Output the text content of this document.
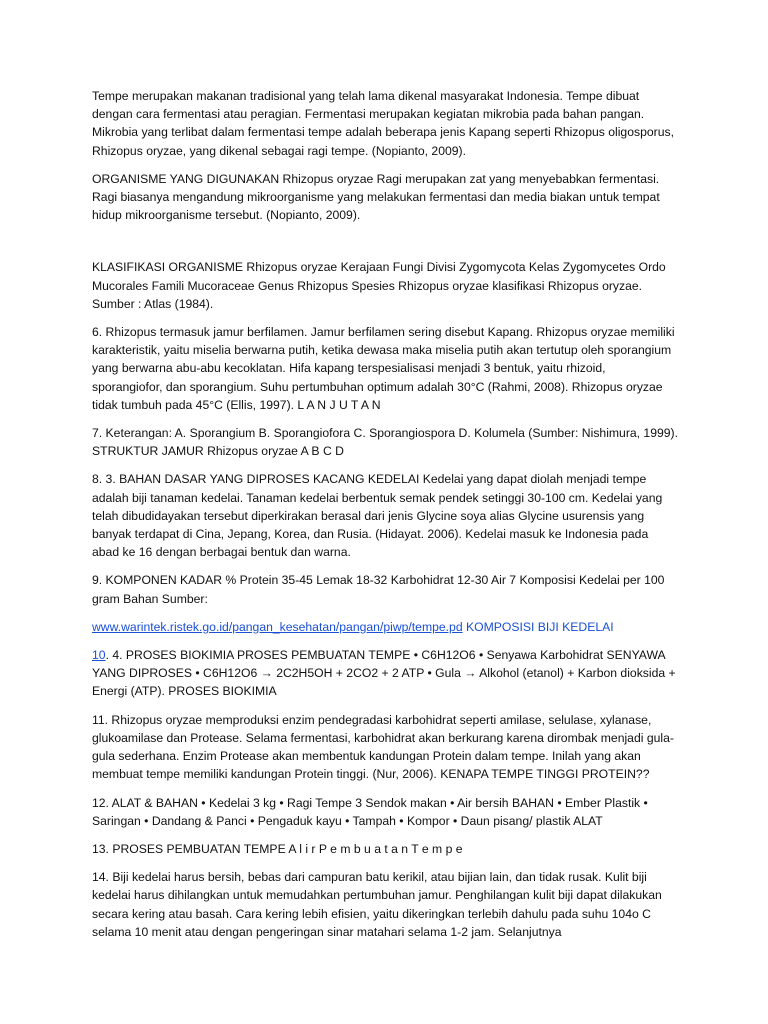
Tempe merupakan makanan tradisional yang telah lama dikenal masyarakat Indonesia. Tempe dibuat dengan cara fermentasi atau peragian. Fermentasi merupakan kegiatan mikrobia pada bahan pangan. Mikrobia yang terlibat dalam fermentasi tempe adalah beberapa jenis Kapang seperti Rhizopus oligosporus, Rhizopus oryzae, yang dikenal sebagai ragi tempe. (Nopianto, 2009).

ORGANISME YANG DIGUNAKAN Rhizopus oryzae Ragi merupakan zat yang menyebabkan fermentasi. Ragi biasanya mengandung mikroorganisme yang melakukan fermentasi dan media biakan untuk tempat hidup mikroorganisme tersebut. (Nopianto, 2009).

KLASIFIKASI ORGANISME Rhizopus oryzae Kerajaan Fungi Divisi Zygomycota Kelas Zygomycetes Ordo Mucorales Famili Mucoraceae Genus Rhizopus Spesies Rhizopus oryzae klasifikasi Rhizopus oryzae. Sumber : Atlas (1984).

6. Rhizopus termasuk jamur berfilamen. Jamur berfilamen sering disebut Kapang. Rhizopus oryzae memiliki karakteristik, yaitu miselia berwarna putih, ketika dewasa maka miselia putih akan tertutup oleh sporangium yang berwarna abu-abu kecoklatan. Hifa kapang terspesialisasi menjadi 3 bentuk, yaitu rhizoid, sporangiofor, dan sporangium. Suhu pertumbuhan optimum adalah 30°C (Rahmi, 2008). Rhizopus oryzae tidak tumbuh pada 45°C (Ellis, 1997). L A N J U T A N

7. Keterangan: A. Sporangium B. Sporangiofora C. Sporangiospora D. Kolumela (Sumber: Nishimura, 1999). STRUKTUR JAMUR Rhizopus oryzae A B C D

8. 3. BAHAN DASAR YANG DIPROSES KACANG KEDELAI Kedelai yang dapat diolah menjadi tempe adalah biji tanaman kedelai. Tanaman kedelai berbentuk semak pendek setinggi 30-100 cm. Kedelai yang telah dibudidayakan tersebut diperkirakan berasal dari jenis Glycine soya alias Glycine usurensis yang banyak terdapat di Cina, Jepang, Korea, dan Rusia. (Hidayat. 2006). Kedelai masuk ke Indonesia pada abad ke 16 dengan berbagai bentuk dan warna.

9. KOMPONEN KADAR % Protein 35-45 Lemak 18-32 Karbohidrat 12-30 Air 7 Komposisi Kedelai per 100 gram Bahan Sumber:

www.warintek.ristek.go.id/pangan_kesehatan/pangan/piwp/tempe.pd KOMPOSISI BIJI KEDELAI

10. 4. PROSES BIOKIMIA PROSES PEMBUATAN TEMPE • C6H12O6 • Senyawa Karbohidrat SENYAWA YANG DIPROSES • C6H12O6 → 2C2H5OH + 2CO2 + 2 ATP • Gula → Alkohol (etanol) + Karbon dioksida + Energi (ATP). PROSES BIOKIMIA

11. Rhizopus oryzae memproduksi enzim pendegradasi karbohidrat seperti amilase, selulase, xylanase, glukoamilase dan Protease. Selama fermentasi, karbohidrat akan berkurang karena dirombak menjadi gula-gula sederhana. Enzim Protease akan membentuk kandungan Protein dalam tempe. Inilah yang akan membuat tempe memiliki kandungan Protein tinggi. (Nur, 2006). KENAPA TEMPE TINGGI PROTEIN??

12. ALAT & BAHAN • Kedelai 3 kg • Ragi Tempe 3 Sendok makan • Air bersih BAHAN • Ember Plastik • Saringan • Dandang & Panci • Pengaduk kayu • Tampah • Kompor • Daun pisang/ plastik ALAT

13. PROSES PEMBUATAN TEMPE A l i r P e m b u a t a n T e m p e

14. Biji kedelai harus bersih, bebas dari campuran batu kerikil, atau bijian lain, dan tidak rusak. Kulit biji kedelai harus dihilangkan untuk memudahkan pertumbuhan jamur. Penghilangan kulit biji dapat dilakukan secara kering atau basah. Cara kering lebih efisien, yaitu dikeringkan terlebih dahulu pada suhu 104o C selama 10 menit atau dengan pengeringan sinar matahari selama 1-2 jam. Selanjutnya
